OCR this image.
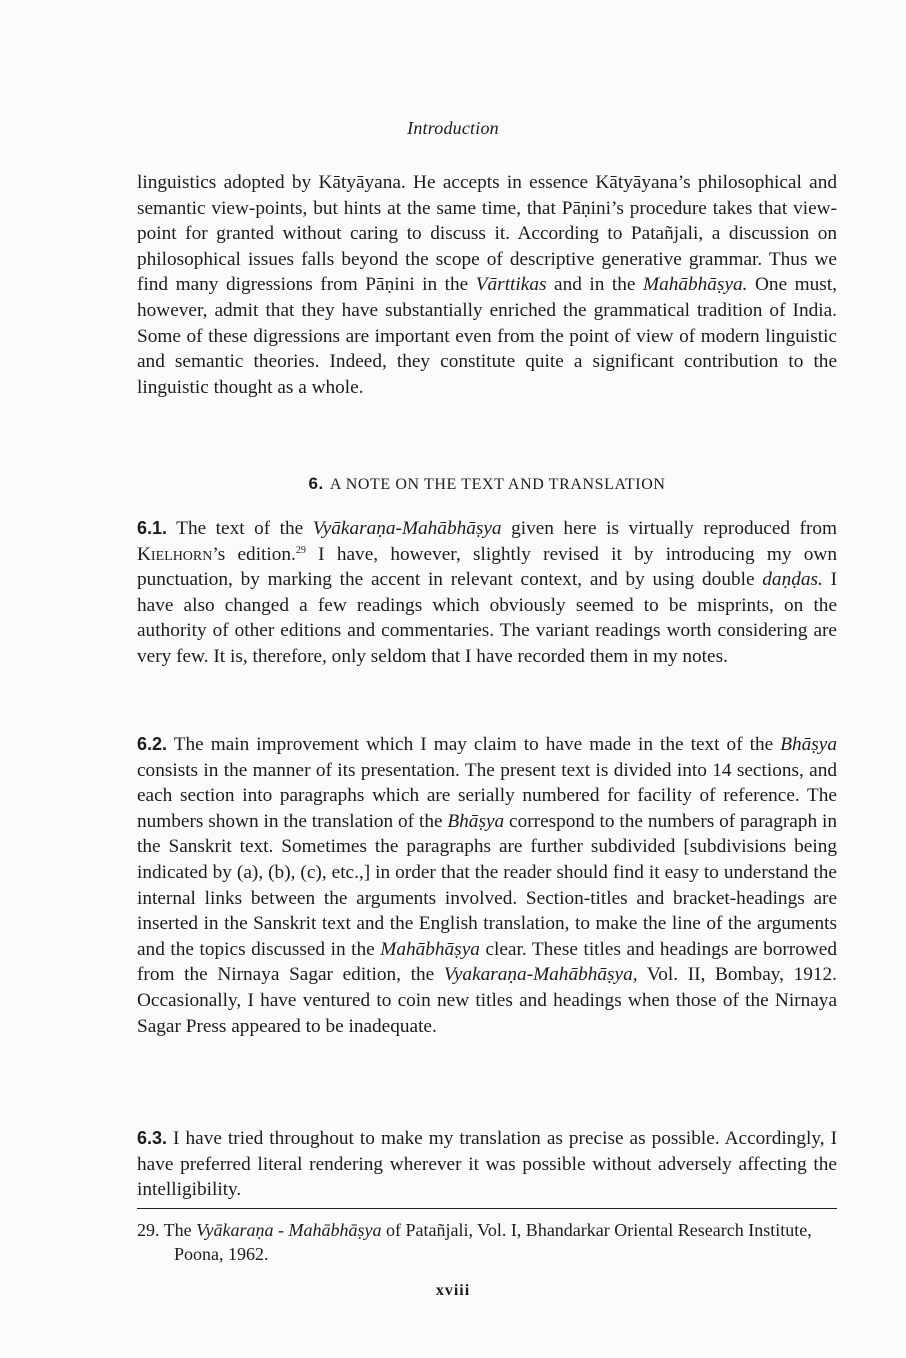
Introduction

linguistics adopted by Kātyāyana. He accepts in essence Kātyāyana’s philosophical and semantic view-points, but hints at the same time, that Pāṇini’s procedure takes that view-point for granted without caring to discuss it. According to Patañjali, a discussion on philosophical issues falls beyond the scope of descriptive generative grammar. Thus we find many digressions from Pāṇini in the Vārttikas and in the Mahābhāṣya. One must, however, admit that they have substantially enriched the grammatical tradition of India. Some of these digressions are important even from the point of view of modern linguistic and semantic theories. Indeed, they constitute quite a significant contribution to the linguistic thought as a whole.

6. A NOTE ON THE TEXT AND TRANSLATION

6.1. The text of the Vyākaraṇa-Mahābhāṣya given here is virtually reproduced from Kielhorn’s edition.$^{29}$ I have, however, slightly revised it by introducing my own punctuation, by marking the accent in relevant context, and by using double daṇḍas. I have also changed a few readings which obviously seemed to be misprints, on the authority of other editions and commentaries. The variant readings worth considering are very few. It is, therefore, only seldom that I have recorded them in my notes.

6.2. The main improvement which I may claim to have made in the text of the Bhāṣya consists in the manner of its presentation. The present text is divided into 14 sections, and each section into paragraphs which are serially numbered for facility of reference. The numbers shown in the translation of the Bhāṣya correspond to the numbers of paragraph in the Sanskrit text. Sometimes the paragraphs are further subdivided [subdivisions being indicated by (a), (b), (c), etc.,] in order that the reader should find it easy to understand the internal links between the arguments involved. Section-titles and bracket-headings are inserted in the Sanskrit text and the English translation, to make the line of the arguments and the topics discussed in the Mahābhāṣya clear. These titles and headings are borrowed from the Nirnaya Sagar edition, the Vyakaraṇa-Mahābhāṣya, Vol. II, Bombay, 1912. Occasionally, I have ventured to coin new titles and headings when those of the Nirnaya Sagar Press appeared to be inadequate.

6.3. I have tried throughout to make my translation as precise as possible. Accordingly, I have preferred literal rendering wherever it was possible without adversely affecting the intelligibility.

29. The Vyākaraṇa - Mahābhāṣya of Patañjali, Vol. I, Bhandarkar Oriental Research Institute, Poona, 1962.
xviii
